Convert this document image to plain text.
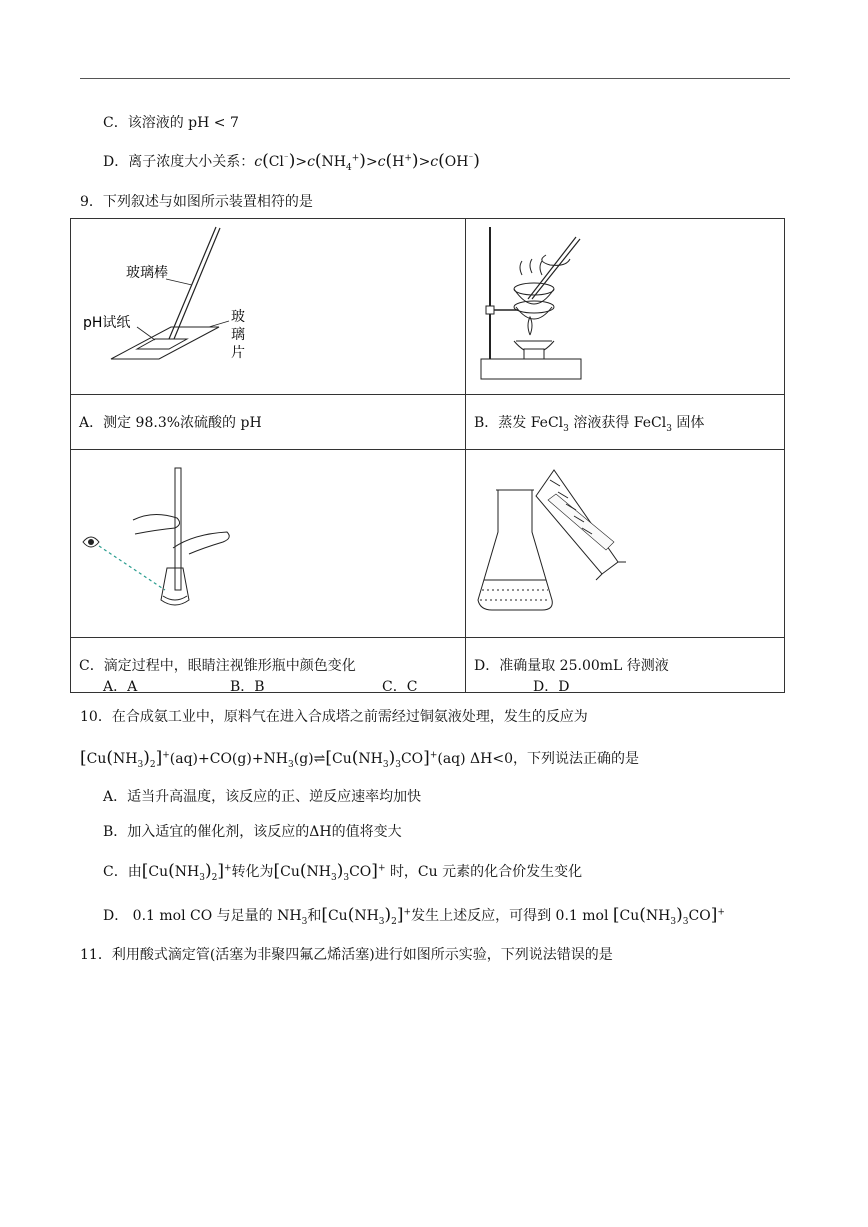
C．该溶液的 pH < 7
D．离子浓度大小关系：$c(Cl^{^-})>c(NH_4^+)>c(H^+)>c(OH^{^-})$
9．下列叙述与如图所示装置相符的是
玻璃棒
pH试纸 玻
璃
片

A．测定 98.3%浓硫酸的 pH	B．蒸发 FeCl$_3$ 溶液获得 FeCl$_3$ 固体

C．滴定过程中，眼睛注视锥形瓶中颜色变化	D．准确量取 25.00mL 待测液
A．A	B．B	C．C	D．D
10．在合成氨工业中，原料气在进入合成塔之前需经过铜氨液处理，发生的反应为
$[Cu(NH_3)_2]^+(aq)+CO(g)+NH_3(g)\rightleftharpoons[Cu(NH_3)_3CO]^+(aq)$ ΔH<0，下列说法正确的是
A．适当升高温度，该反应的正、逆反应速率均加快
B．加入适宜的催化剂，该反应的ΔH的值将变大
C．由$[Cu(NH_3)_2]^+$转化为$[Cu(NH_3)_3CO]^+$ 时，Cu 元素的化合价发生变化
D． 0.1 mol CO 与足量的 $NH_3$和$[Cu(NH_3)_2]^+$发生上述反应，可得到 0.1 mol $[Cu(NH_3)_3CO]^+$
11．利用酸式滴定管(活塞为非聚四氟乙烯活塞)进行如图所示实验，下列说法错误的是
